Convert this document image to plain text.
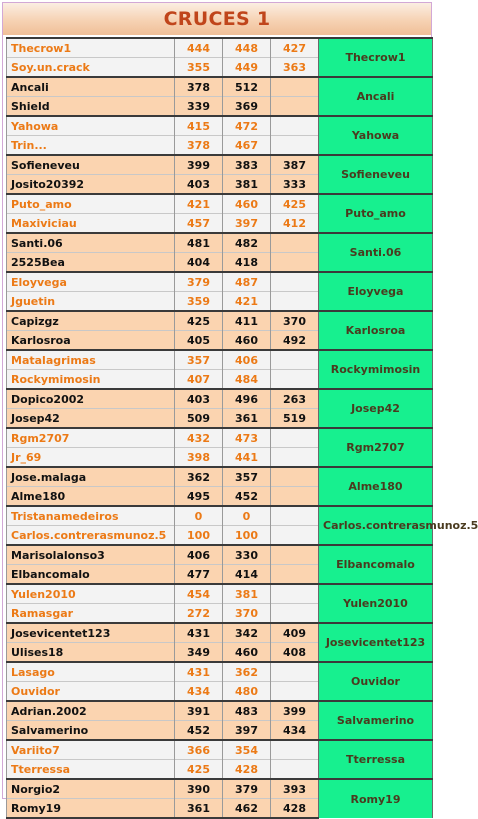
CRUCES 1
Thecrow1	444	448	427	Thecrow1
Soy.un.crack	355	449	363	
Ancali	378	512		Ancali
Shield	339	369		
Yahowa	415	472		Yahowa
Trin...	378	467		
Sofieneveu	399	383	387	Sofieneveu
Josito20392	403	381	333	
Puto_amo	421	460	425	Puto_amo
Maxiviciau	457	397	412	
Santi.06	481	482		Santi.06
2525Bea	404	418		
Eloyvega	379	487		Eloyvega
Jguetin	359	421		
Capizgz	425	411	370	Karlosroa
Karlosroa	405	460	492	
Matalagrimas	357	406		Rockymimosin
Rockymimosin	407	484		
Dopico2002	403	496	263	Josep42
Josep42	509	361	519	
Rgm2707	432	473		Rgm2707
Jr_69	398	441		
Jose.malaga	362	357		Alme180
Alme180	495	452		
Tristanamedeiros	0	0		Carlos.contrerasmunoz.5
Carlos.contrerasmunoz.5	100	100		
Marisolalonso3	406	330		Elbancomalo
Elbancomalo	477	414		
Yulen2010	454	381		Yulen2010
Ramasgar	272	370		
Josevicentet123	431	342	409	Josevicentet123
Ulises18	349	460	408	
Lasago	431	362		Ouvidor
Ouvidor	434	480		
Adrian.2002	391	483	399	Salvamerino
Salvamerino	452	397	434	
Variito7	366	354		Tterressa
Tterressa	425	428		
Norgio2	390	379	393	Romy19
Romy19	361	462	428	
